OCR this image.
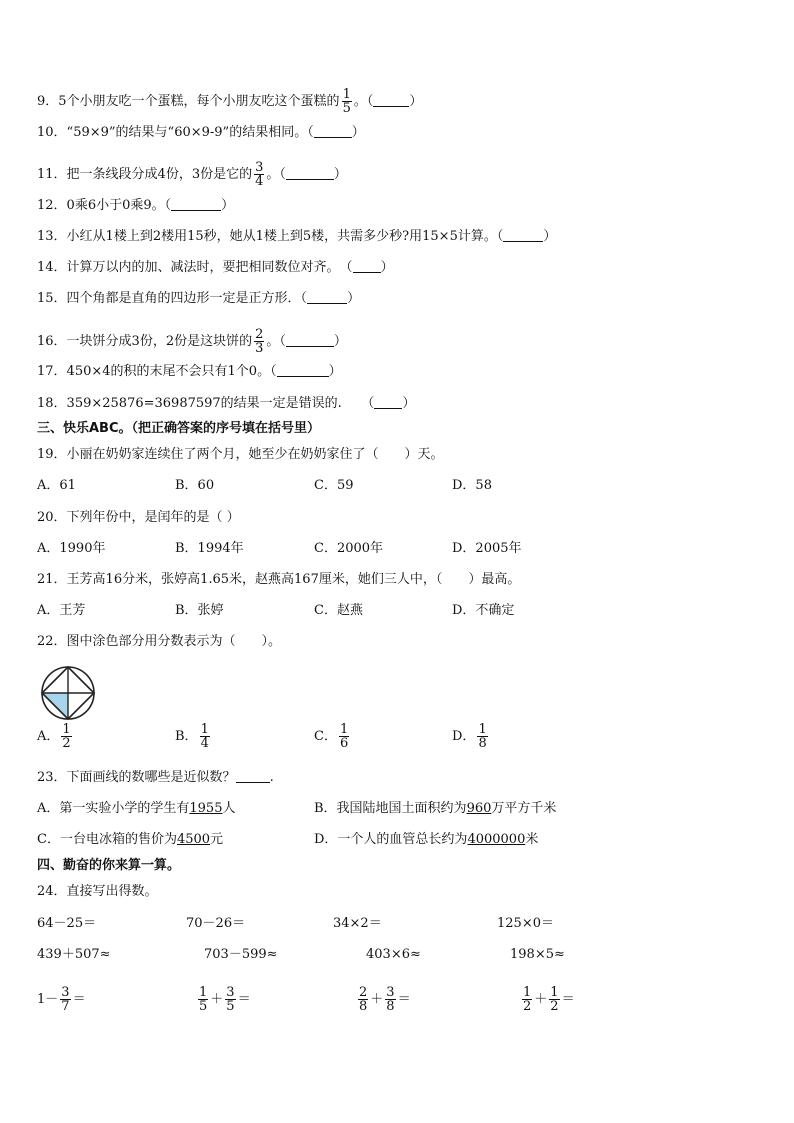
9．5个小朋友吃一个蛋糕，每个小朋友吃这个蛋糕的 $\frac{1}{5}$ 。（	）
10．“59×9”的结果与“60×9-9”的结果相同。（	）
11．把一条线段分成4份，3份是它的 $\frac{3}{4}$ 。（	）
12．0乘6小于0乘9。（	）
13．小红从1楼上到2楼用15秒，她从1楼上到5楼，共需多少秒?用15×5计算。（	）
14．计算万以内的加、减法时，要把相同数位对齐。　（ ）
15．四个角都是直角的四边形一定是正方形．（	）
16．一块饼分成3份，2份是这块饼的 $\frac{2}{3}$ 。（	）
17．450×4的积的末尾不会只有1个0。（	）
18．359×25876=36987597的结果一定是错误的.　　（ ）
三、快乐ABC。（把正确答案的序号填在括号里）
19．小丽在奶奶家连续住了两个月，她至少在奶奶家住了（　　）天。
A．61	B．60	C．59	D．58
20．下列年份中，是闰年的是（ ）
A．1990年	B．1994年	C．2000年	D．2005年
21．王芳高16分米，张婷高1.65米，赵燕高167厘米，她们三人中，（　　）最高。
A．王芳	B．张婷	C．赵燕	D．不确定
22．图中涂色部分用分数表示为（　　）。
A． $\frac{1}{2}$	B． $\frac{1}{4}$	C． $\frac{1}{6}$	D． $\frac{1}{8}$
23．下面画线的数哪些是近似数？	.
A．第一实验小学的学生有1955人	B．我国陆地国土面积约为960万平方千米
C．一台电冰箱的售价为4500元	D．一个人的血管总长约为4000000米
四、勤奋的你来算一算。
24．直接写出得数。
64－25＝	70－26＝	34×2＝	125×0＝
439＋507≈	703－599≈	403×6≈	198×5≈
$1- \frac{3}{7}$ ＝	$\frac{1}{5} + \frac{3}{5}$ ＝	$\frac{2}{8} + \frac{3}{8}$ ＝	$\frac{1}{2} + \frac{1}{2}$ ＝
